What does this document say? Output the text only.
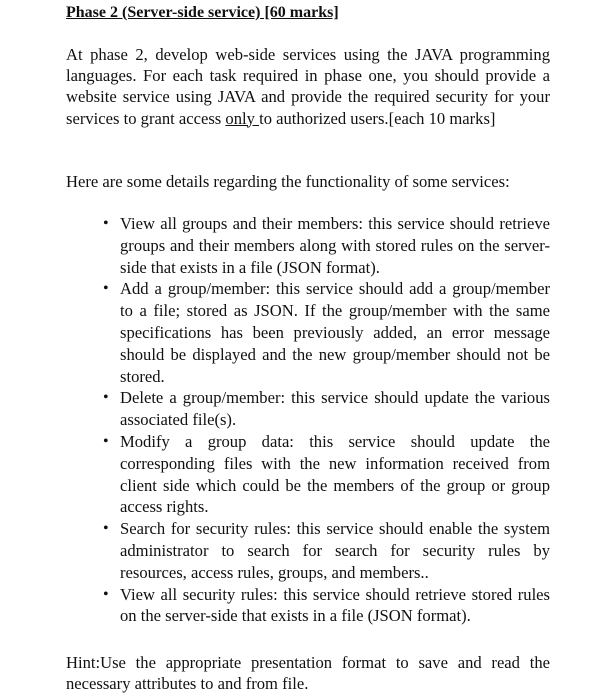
Phase 2 (Server-side service) [60 marks]

At phase 2, develop web-side services using the JAVA programming languages. For each task required in phase one, you should provide a website service using JAVA and provide the required security for your services to grant access only to authorized users.[each 10 marks]

Here are some details regarding the functionality of some services:

• View all groups and their members: this service should retrieve groups and their members along with stored rules on the server-side that exists in a file (JSON format).
• Add a group/member: this service should add a group/member to a file; stored as JSON. If the group/member with the same specifications has been previously added, an error message should be displayed and the new group/member should not be stored.
• Delete a group/member: this service should update the various associated file(s).
• Modify a group data: this service should update the corresponding files with the new information received from client side which could be the members of the group or group access rights.
• Search for security rules: this service should enable the system administrator to search for search for security rules by resources, access rules, groups, and members..
• View all security rules: this service should retrieve stored rules on the server-side that exists in a file (JSON format).

Hint:Use the appropriate presentation format to save and read the necessary attributes to and from file.
